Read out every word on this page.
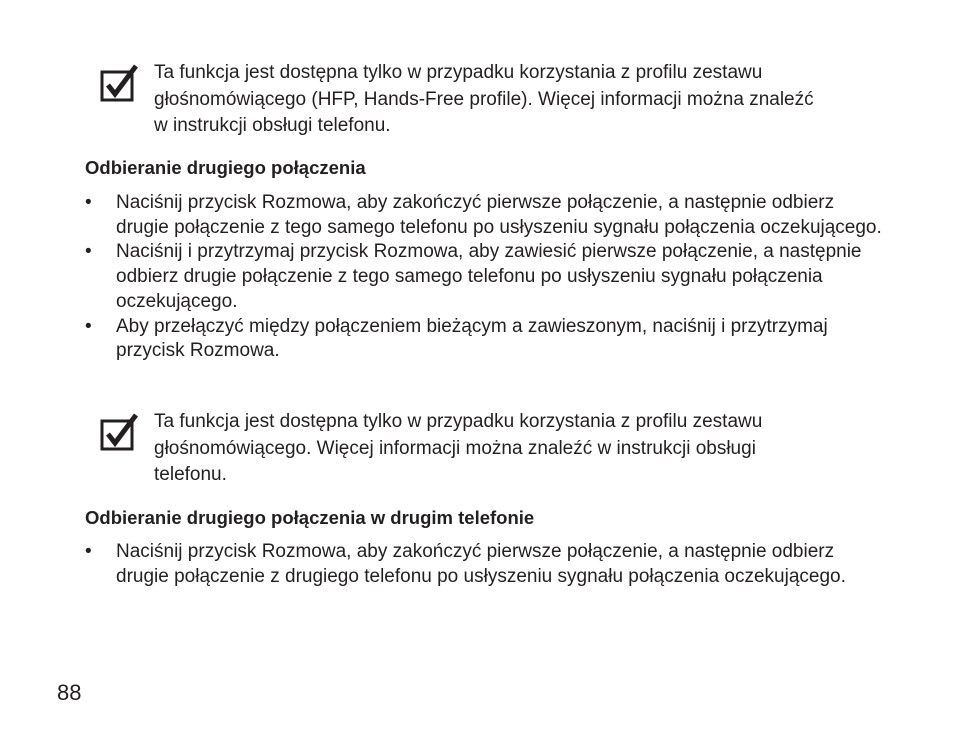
Ta funkcja jest dostępna tylko w przypadku korzystania z profilu zestawu głośnomówiącego (HFP, Hands-Free profile). Więcej informacji można znaleźć w instrukcji obsługi telefonu.
Odbieranie drugiego połączenia
• Naciśnij przycisk Rozmowa, aby zakończyć pierwsze połączenie, a następnie odbierz drugie połączenie z tego samego telefonu po usłyszeniu sygnału połączenia oczekującego.
• Naciśnij i przytrzymaj przycisk Rozmowa, aby zawiesić pierwsze połączenie, a następnie odbierz drugie połączenie z tego samego telefonu po usłyszeniu sygnału połączenia oczekującego.
• Aby przełączyć między połączeniem bieżącym a zawieszonym, naciśnij i przytrzymaj przycisk Rozmowa.
Ta funkcja jest dostępna tylko w przypadku korzystania z profilu zestawu głośnomówiącego. Więcej informacji można znaleźć w instrukcji obsługi telefonu.
Odbieranie drugiego połączenia w drugim telefonie
• Naciśnij przycisk Rozmowa, aby zakończyć pierwsze połączenie, a następnie odbierz drugie połączenie z drugiego telefonu po usłyszeniu sygnału połączenia oczekującego.
88
